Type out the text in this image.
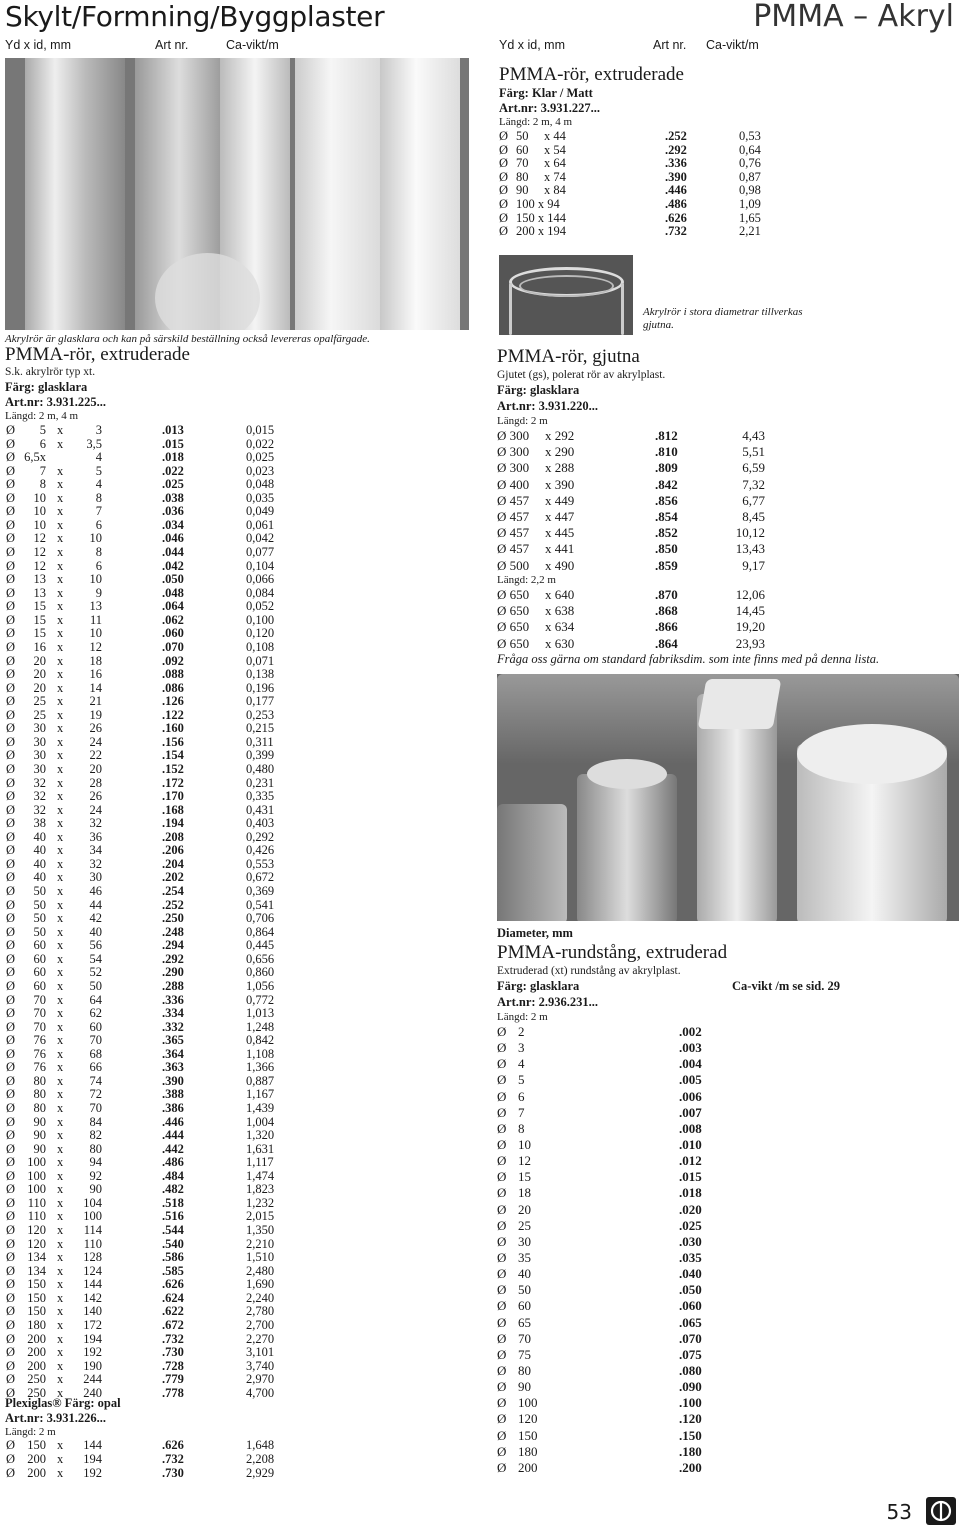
Skylt/Formning/Byggplaster	PMMA – Akryl
Yd x id, mm	Art nr.	Ca-vikt/m	Yd x id, mm	Art nr. Ca-vikt/m
Akrylrör är glasklara och kan på särskild beställning också levereras opalfärgade.
PMMA-rör, extruderade
S.k. akrylrör typ xt.
Färg: glasklara
Art.nr: 3.931.225...
Längd: 2 m, 4 m
Ø	5 x	3	.013	0,015
Ø	6 x	3,5	.015	0,022
Ø 6,5x	4	.018	0,025
Ø	7 x	5	.022	0,023
Ø	8 x	4	.025	0,048
Ø	10 x	8	.038	0,035
Ø	10 x	7	.036	0,049
Ø	10 x	6	.034	0,061
Ø	12 x	10	.046	0,042
Ø	12 x	8	.044	0,077
Ø	12 x	6	.042	0,104
Ø	13 x	10	.050	0,066
Ø	13 x	9	.048	0,084
Ø	15 x	13	.064	0,052
Ø	15 x	11	.062	0,100
Ø	15 x	10	.060	0,120
Ø	16 x	12	.070	0,108
Ø	20 x	18	.092	0,071
Ø	20 x	16	.088	0,138
Ø	20 x	14	.086	0,196
Ø	25 x	21	.126	0,177
Ø	25 x	19	.122	0,253
Ø	30 x	26	.160	0,215
Ø	30 x	24	.156	0,311
Ø	30 x	22	.154	0,399
Ø	30 x	20	.152	0,480
Ø	32 x	28	.172	0,231
Ø	32 x	26	.170	0,335
Ø	32 x	24	.168	0,431
Ø	38 x	32	.194	0,403
Ø	40 x	36	.208	0,292
Ø	40 x	34	.206	0,426
Ø	40 x	32	.204	0,553
Ø	40 x	30	.202	0,672
Ø	50 x	46	.254	0,369
Ø	50 x	44	.252	0,541
Ø	50 x	42	.250	0,706
Ø	50 x	40	.248	0,864
Ø	60 x	56	.294	0,445
Ø	60 x	54	.292	0,656
Ø	60 x	52	.290	0,860
Ø	60 x	50	.288	1,056
Ø	70 x	64	.336	0,772
Ø	70 x	62	.334	1,013
Ø	70 x	60	.332	1,248
Ø	76 x	70	.365	0,842
Ø	76 x	68	.364	1,108
Ø	76 x	66	.363	1,366
Ø	80 x	74	.390	0,887
Ø	80 x	72	.388	1,167
Ø	80 x	70	.386	1,439
Ø	90 x	84	.446	1,004
Ø	90 x	82	.444	1,320
Ø	90 x	80	.442	1,631
Ø 100 x	94	.486	1,117
Ø 100 x	92	.484	1,474
Ø 100 x	90	.482	1,823
Ø	110 x	104	.518	1,232
Ø	110 x	100	.516	2,015
Ø 120 x	114	.544	1,350
Ø 120 x	110	.540	2,210
Ø 134 x	128	.586	1,510
Ø 134 x	124	.585	2,480
Ø 150 x	144	.626	1,690
Ø 150 x	142	.624	2,240
Ø 150 x	140	.622	2,780
Ø 180 x	172	.672	2,700
Ø 200 x	194	.732	2,270
Ø 200 x	192	.730	3,101
Ø 200 x	190	.728	3,740
Ø 250 x	244	.779	2,970
Ø 250 x	240	.778	4,700
Plexiglas® Färg: opal
Art.nr: 3.931.226...
Längd: 2 m
Ø 150 x	144	.626	1,648
Ø 200 x	194	.732	2,208
Ø 200 x	192	.730	2,929
PMMA-rör, extruderade
Färg: Klar / Matt
Art.nr: 3.931.227...
Längd: 2 m, 4 m
Ø 50 x 44	.252	0,53
Ø 60 x 54	.292	0,64
Ø 70 x 64	.336	0,76
Ø 80 x 74	.390	0,87
Ø 90 x 84	.446	0,98
Ø 100 x 94	.486	1,09
Ø 150 x 144	.626	1,65
Ø 200 x 194	.732	2,21
Akrylrör i stora diametrar tillverkas gjutna.
PMMA-rör, gjutna
Gjutet (gs), polerat rör av akrylplast.
Färg: glasklara
Art.nr: 3.931.220...
Längd: 2 m
Ø 300 x 292	.812	4,43
Ø 300 x 290	.810	5,51
Ø 300 x 288	.809	6,59
Ø 400 x 390	.842	7,32
Ø 457 x 449	.856	6,77
Ø 457 x 447	.854	8,45
Ø 457 x 445	.852	10,12
Ø 457 x 441	.850	13,43
Ø 500 x 490	.859	9,17
Längd: 2,2 m
Ø 650 x 640	.870	12,06
Ø 650 x 638	.868	14,45
Ø 650 x 634	.866	19,20
Ø 650 x 630	.864	23,93
Fråga oss gärna om standard fabriksdim. som inte finns med på denna lista.
Diameter, mm
PMMA-rundstång, extruderad
Extruderad (xt) rundstång av akrylplast.
Färg: glasklara	Ca-vikt /m se sid. 29
Art.nr: 2.936.231...
Längd: 2 m
Ø 2	.002
Ø 3	.003
Ø 4	.004
Ø 5	.005
Ø 6	.006
Ø 7	.007
Ø 8	.008
Ø 10	.010
Ø 12	.012
Ø 15	.015
Ø 18	.018
Ø 20	.020
Ø 25	.025
Ø 30	.030
Ø 35	.035
Ø 40	.040
Ø 50	.050
Ø 60	.060
Ø 65	.065
Ø 70	.070
Ø 75	.075
Ø 80	.080
Ø 90	.090
Ø 100	.100
Ø 120	.120
Ø 150	.150
Ø 180	.180
Ø 200	.200
53
